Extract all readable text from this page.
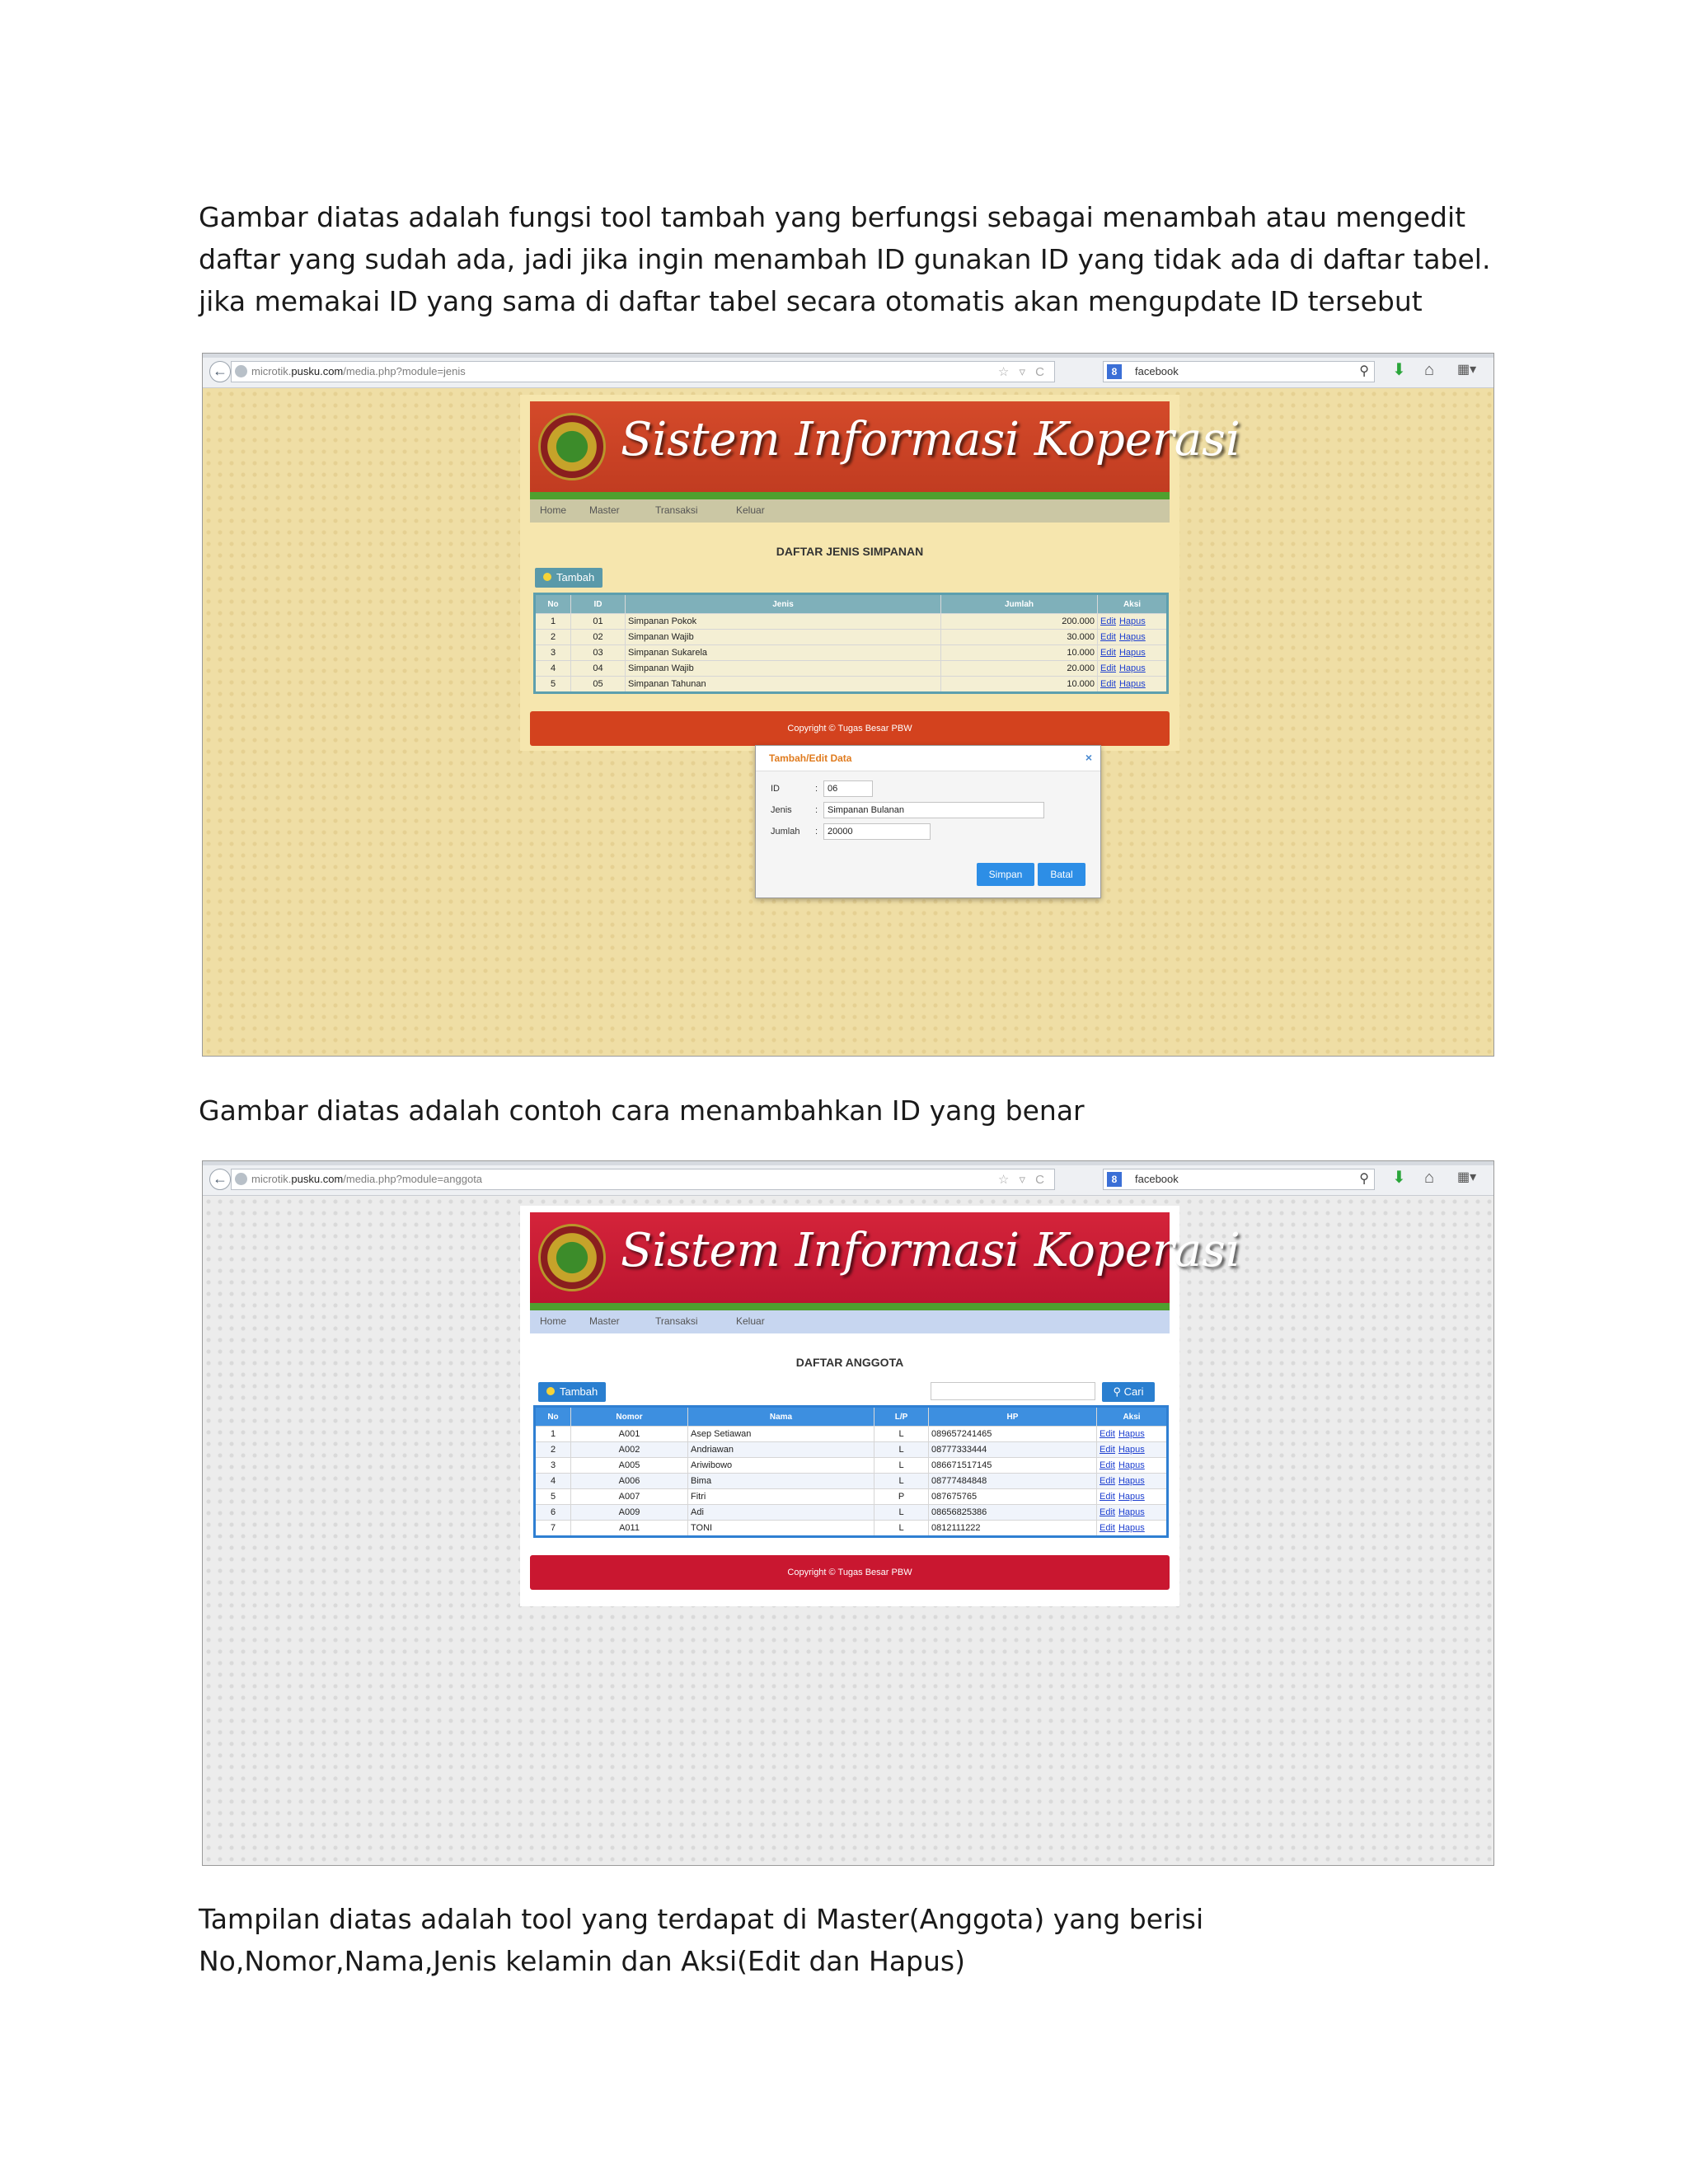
Gambar diatas adalah fungsi tool tambah yang berfungsi sebagai menambah atau mengedit daftar yang sudah ada, jadi jika ingin menambah ID gunakan ID yang tidak ada di daftar tabel. jika memakai ID yang sama di daftar tabel secara otomatis akan mengupdate ID tersebut

←	microtik.pusku.com/media.php?module=jenis	☆ ▿ C	8	facebook	⚲ ⬇ ⌂ ▦▾
Sistem Informasi Koperasi
Home Master	Transaksi	Keluar
DAFTAR JENIS SIMPANAN
Tambah
No	ID	Jenis	Jumlah	Aksi
1	01	Simpanan Pokok	200.000	Edit Hapus
2	02	Simpanan Wajib	30.000	Edit Hapus
3	03	Simpanan Sukarela	10.000	Edit Hapus
4	04	Simpanan Wajib	20.000	Edit Hapus
5	05	Simpanan Tahunan	10.000	Edit Hapus
Copyright © Tugas Besar PBW
Tambah/Edit Data	×
ID	:	06
Jenis	:	Simpanan Bulanan
Jumlah :	20000
Simpan	Batal

Gambar diatas adalah contoh cara menambahkan ID yang benar

←	microtik.pusku.com/media.php?module=anggota	☆ ▿ C	8	facebook	⚲ ⬇ ⌂ ▦▾
Sistem Informasi Koperasi
Home Master	Transaksi	Keluar
DAFTAR ANGGOTA
Tambah	⚲ Cari
No	Nomor	Nama	L/P	HP	Aksi
1	A001	Asep Setiawan	L	089657241465	Edit Hapus
2	A002	Andriawan	L	08777333444	Edit Hapus
3	A005	Ariwibowo	L	086671517145	Edit Hapus
4	A006	Bima	L	08777484848	Edit Hapus
5	A007	Fitri	P	087675765	Edit Hapus
6	A009	Adi	L	08656825386	Edit Hapus
7	A011	TONI	L	0812111222	Edit Hapus
Copyright © Tugas Besar PBW

Tampilan diatas adalah tool yang terdapat di Master(Anggota) yang berisi No,Nomor,Nama,Jenis kelamin dan Aksi(Edit dan Hapus)
